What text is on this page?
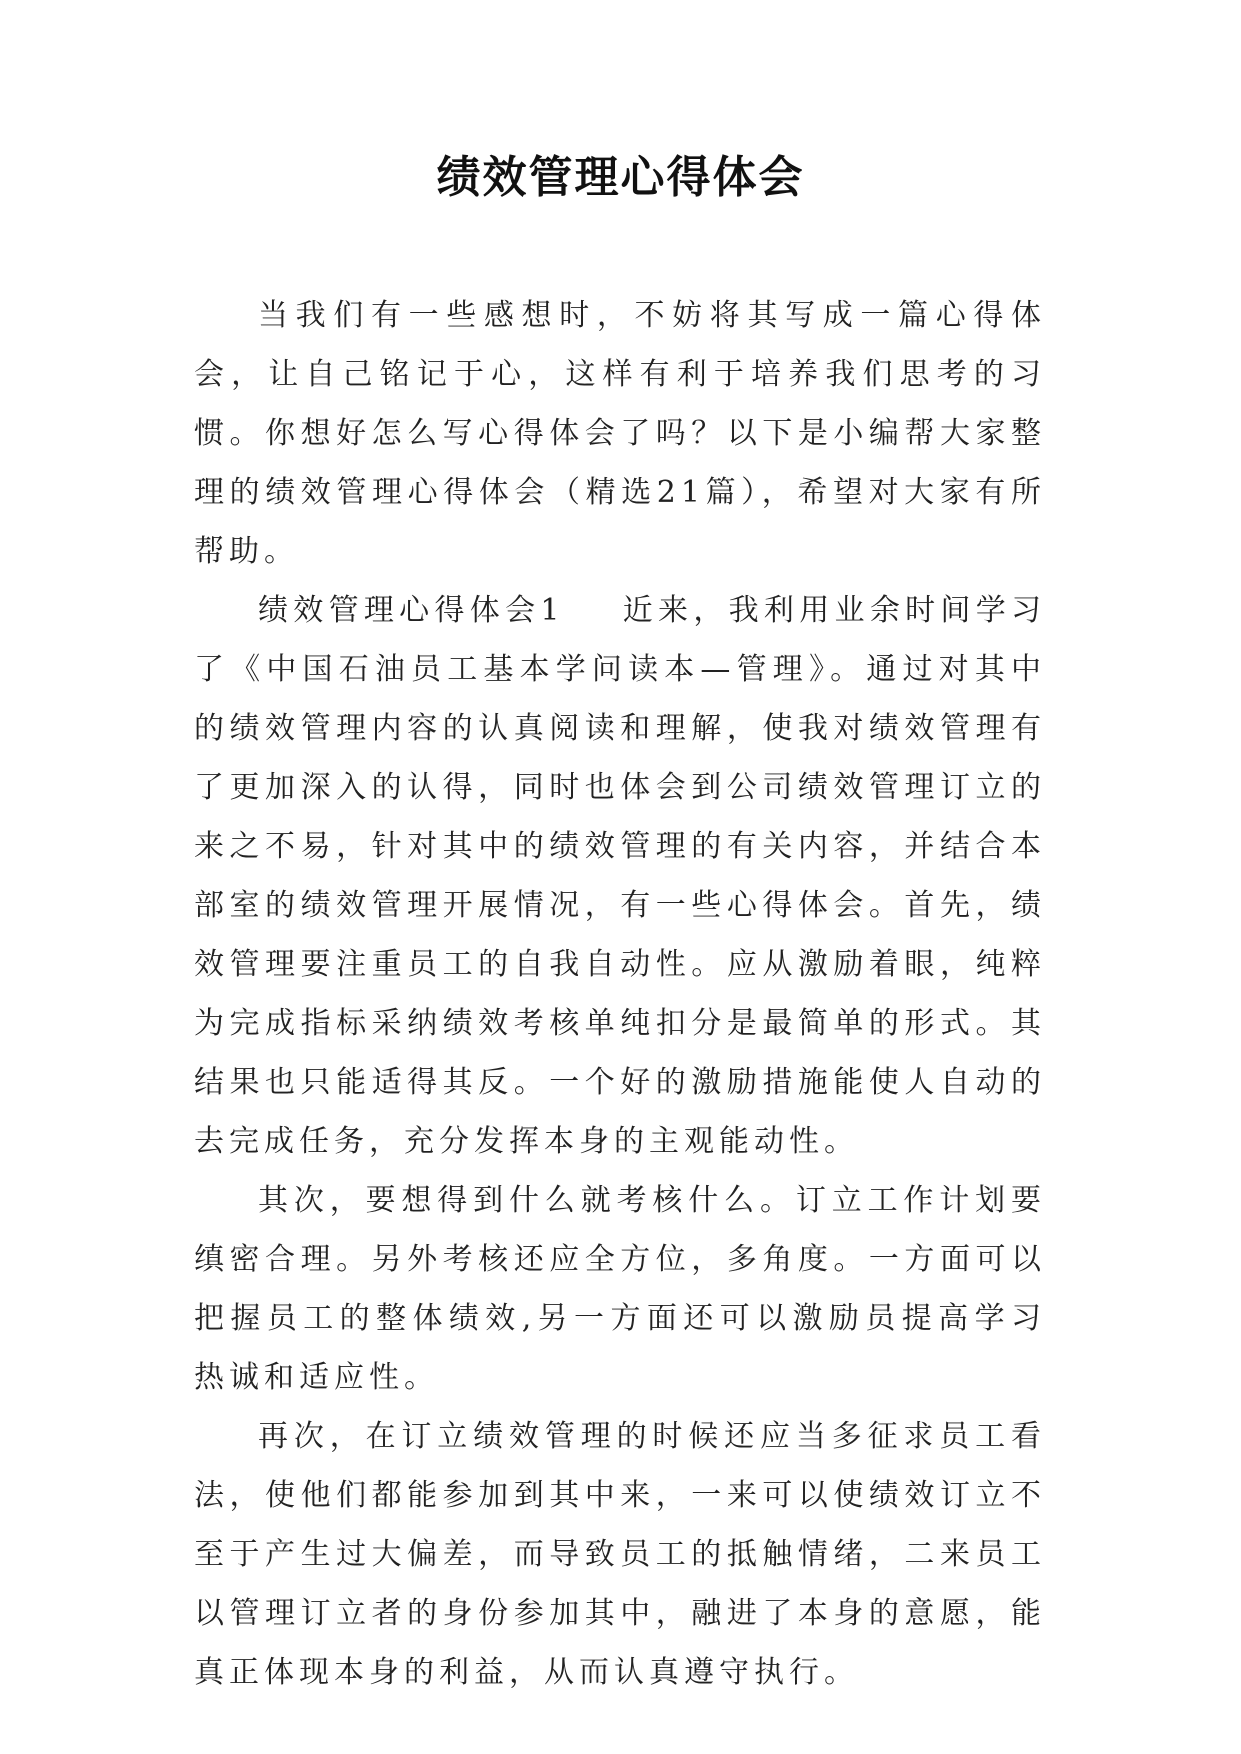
绩效管理心得体会

当我们有一些感想时，不妨将其写成一篇心得体会，让自己铭记于心，这样有利于培养我们思考的习惯。你想好怎么写心得体会了吗？以下是小编帮大家整理的绩效管理心得体会（精选21篇），希望对大家有所帮助。

绩效管理心得体会1 近来，我利用业余时间学习了《中国石油员工基本学问读本—管理》。通过对其中的绩效管理内容的认真阅读和理解，使我对绩效管理有了更加深入的认得，同时也体会到公司绩效管理订立的来之不易，针对其中的绩效管理的有关内容，并结合本部室的绩效管理开展情况，有一些心得体会。首先，绩效管理要注重员工的自我自动性。应从激励着眼，纯粹为完成指标采纳绩效考核单纯扣分是最简单的形式。其结果也只能适得其反。一个好的激励措施能使人自动的去完成任务，充分发挥本身的主观能动性。

其次，要想得到什么就考核什么。订立工作计划要缜密合理。另外考核还应全方位，多角度。一方面可以把握员工的整体绩效,另一方面还可以激励员提高学习热诚和适应性。

再次，在订立绩效管理的时候还应当多征求员工看法，使他们都能参加到其中来，一来可以使绩效订立不至于产生过大偏差，而导致员工的抵触情绪，二来员工以管理订立者的身份参加其中，融进了本身的意愿，能真正体现本身的利益，从而认真遵守执行。
